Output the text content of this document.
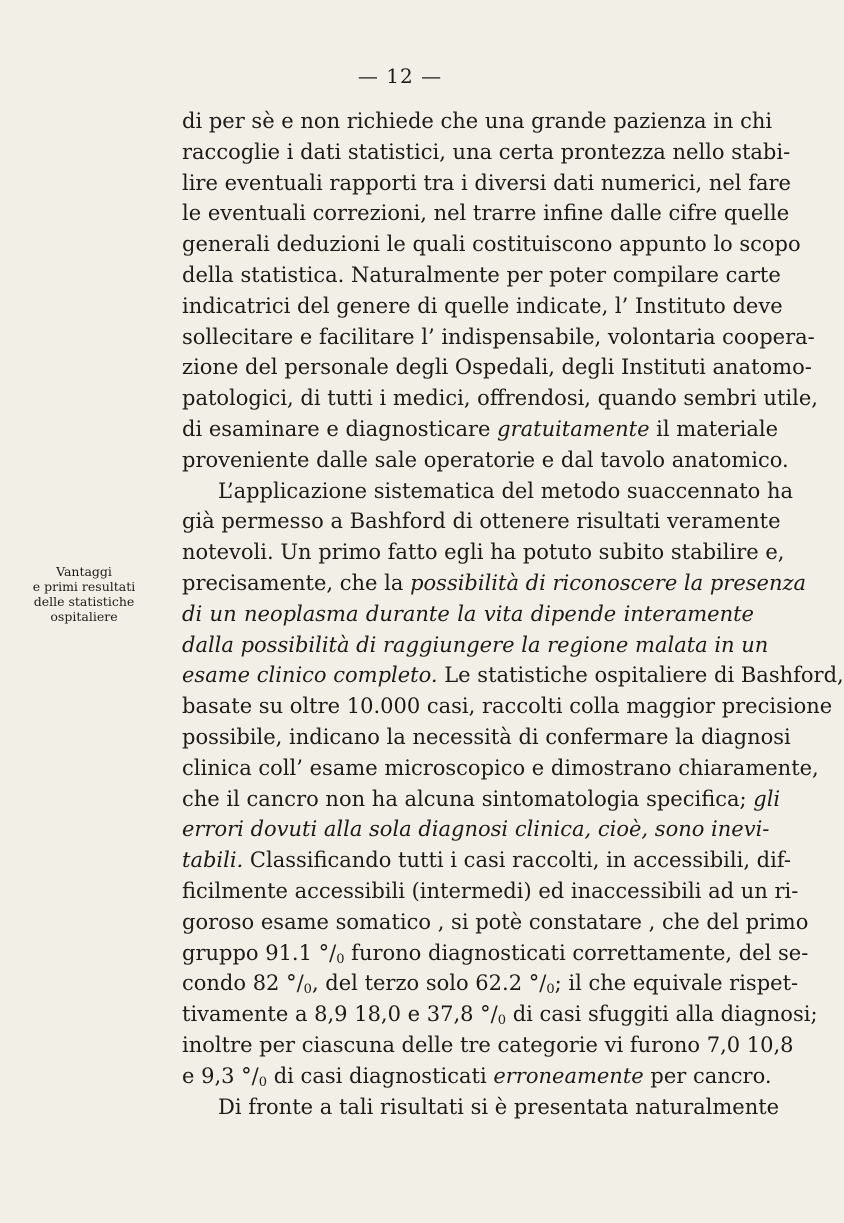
— 12 —
Vantaggi
e primi resultati
delle statistiche
ospitaliere
di per sè e non richiede che una grande pazienza in chi
raccoglie i dati statistici, una certa prontezza nello stabi-
lire eventuali rapporti tra i diversi dati numerici, nel fare
le eventuali correzioni, nel trarre infine dalle cifre quelle
generali deduzioni le quali costituiscono appunto lo scopo
della statistica. Naturalmente per poter compilare carte
indicatrici del genere di quelle indicate, l’ Instituto deve
sollecitare e facilitare l’ indispensabile, volontaria coopera-
zione del personale degli Ospedali, degli Instituti anatomo-
patologici, di tutti i medici, offrendosi, quando sembri utile,
di esaminare e diagnosticare gratuitamente il materiale
proveniente dalle sale operatorie e dal tavolo anatomico.
L’applicazione sistematica del metodo suaccennato ha
già permesso a Bashford di ottenere risultati veramente
notevoli. Un primo fatto egli ha potuto subito stabilire e,
precisamente, che la possibilità di riconoscere la presenza
di un neoplasma durante la vita dipende interamente
dalla possibilità di raggiungere la regione malata in un
esame clinico completo. Le statistiche ospitaliere di Bashford,
basate su oltre 10.000 casi, raccolti colla maggior precisione
possibile, indicano la necessità di confermare la diagnosi
clinica coll’ esame microscopico e dimostrano chiaramente,
che il cancro non ha alcuna sintomatologia specifica; gli
errori dovuti alla sola diagnosi clinica, cioè, sono inevi-
tabili. Classificando tutti i casi raccolti, in accessibili, dif-
ficilmente accessibili (intermedi) ed inaccessibili ad un ri-
goroso esame somatico , si potè constatare , che del primo
gruppo 91.1 $^\circ/_0$ furono diagnosticati correttamente, del se-
condo 82 $^\circ/_0$, del terzo solo 62.2 $^\circ/_0$; il che equivale rispet-
tivamente a 8,9 18,0 e 37,8 $^\circ/_0$ di casi sfuggiti alla diagnosi;
inoltre per ciascuna delle tre categorie vi furono 7,0 10,8
e 9,3 $^\circ/_0$ di casi diagnosticati erroneamente per cancro.
Di fronte a tali risultati si è presentata naturalmente
